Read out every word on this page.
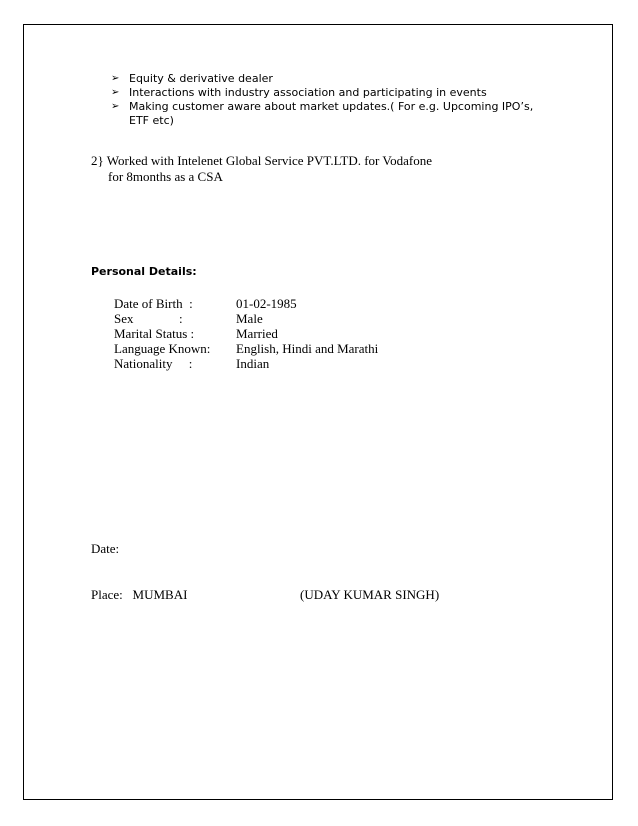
➢ Equity & derivative dealer
➢ Interactions with industry association and participating in events
➢ Making customer aware about market updates.( For e.g. Upcoming IPO’s, ETF etc)

2} Worked with Intelenet Global Service PVT.LTD. for Vodafone
for 8months as a CSA

Personal Details:

Date of Birth  :	01-02-1985
Sex              :	Male
Marital Status :	Married
Language Known:	English, Hindi and Marathi
Nationality     :	Indian

Date:

Place: MUMBAI	(UDAY KUMAR SINGH)
